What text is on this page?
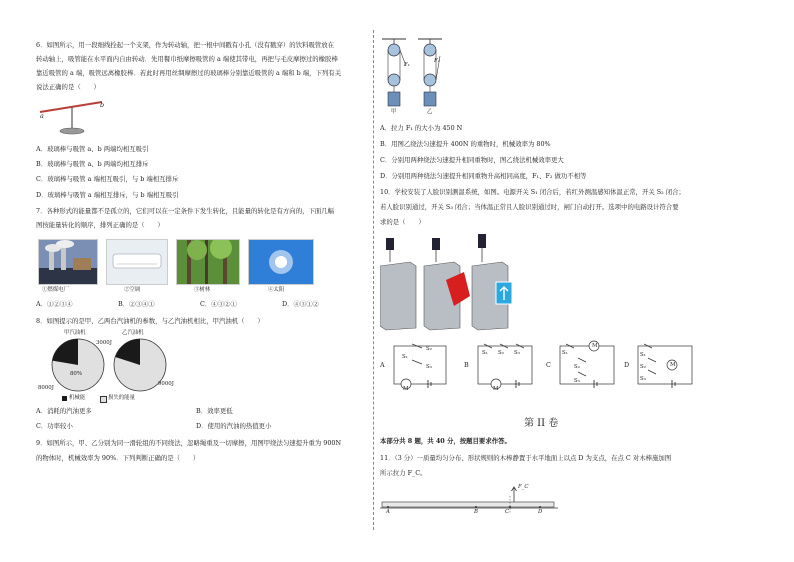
6．如图所示，用一段细线拴起一个支架，作为转动轴，把一根中间戳有小孔（没有戳穿）的饮料吸管放在
转动轴上，吸管能在水平面内自由转动．先用餐巾纸摩擦吸管的 a 端使其带电，再把与毛皮摩擦过的橡胶棒
靠近吸管的 a 端，吸管远离橡胶棒．若此时再用丝绸摩擦过的玻璃棒分别靠近吸管的 a 端和 b 端，下列有关
说法正确的是（　　）
a
b
A．玻璃棒与吸管 a、b 两端均相互吸引
B．玻璃棒与吸管 a、b 两端均相互排斥
C．玻璃棒与吸管 a 端相互吸引，与 b 端相互排斥
D．玻璃棒与吸管 a 端相互排斥，与 b 端相互吸引
7．各种形式的能量都不是孤立的，它们可以在一定条件下发生转化，且能量的转化是有方向的，下面几幅
图按能量转化的顺序，排列正确的是（　　）
①燃煤电厂	②空调	③树林	④太阳
A．①②③④	B．②③④①	C．④③②①	D．④③①②
8．如图提示的是甲、乙两台汽油机的参数，与乙汽油机相比，甲汽油机（　　）
甲汽油机	乙汽油机
3000J
80%
8000J
9000J
机械能	损失的能量
A．消耗的汽油更多	B．效率更低
C．功率较小	D．使用的汽油的热值更小
9．如图所示，甲、乙分别为同一滑轮组的不同绕法，忽略绳重及一切摩擦，用图甲绕法匀速提升重为 900N
的物体时，机械效率为 90%．下列判断正确的是（　　）
F₁
F₂
甲	乙
A．拉力 F₁ 的大小为 450 N
B．用图乙绕法匀速提升 400N 的重物时，机械效率为 80%
C．分别用两种绕法匀速提升相同重物时，图乙绕法机械效率更大
D．分别用两种绕法匀速提升相同重物升高相同高度，F₁、F₂ 做功不相等
10．学校安装了人脸识别测温系统，如图。电源开关 S₁ 闭合后，若红外测温感知体温正常，开关 S₂ 闭合；
若人脸识别通过，开关 S₃ 闭合；当体温正常且人脸识别通过时，闸门自动打开。选项中的电路设计符合要
求的是（　　）
A
M
S₁
S₂
S₃	B
M
S₁ S₂ S₃
C
M
S₁
S₂
S₃
D	M
S₁
S₂
S₃
第 II 卷
本部分共 8 题，共 40 分，按题目要求作答。
11．（3 分）一质量均匀分布、形状规则的木棒静置于水平地面上以点 D 为支点，在点 C 对木棒施加图
所示拉力 F_C。
F_C
A	B	C	D
